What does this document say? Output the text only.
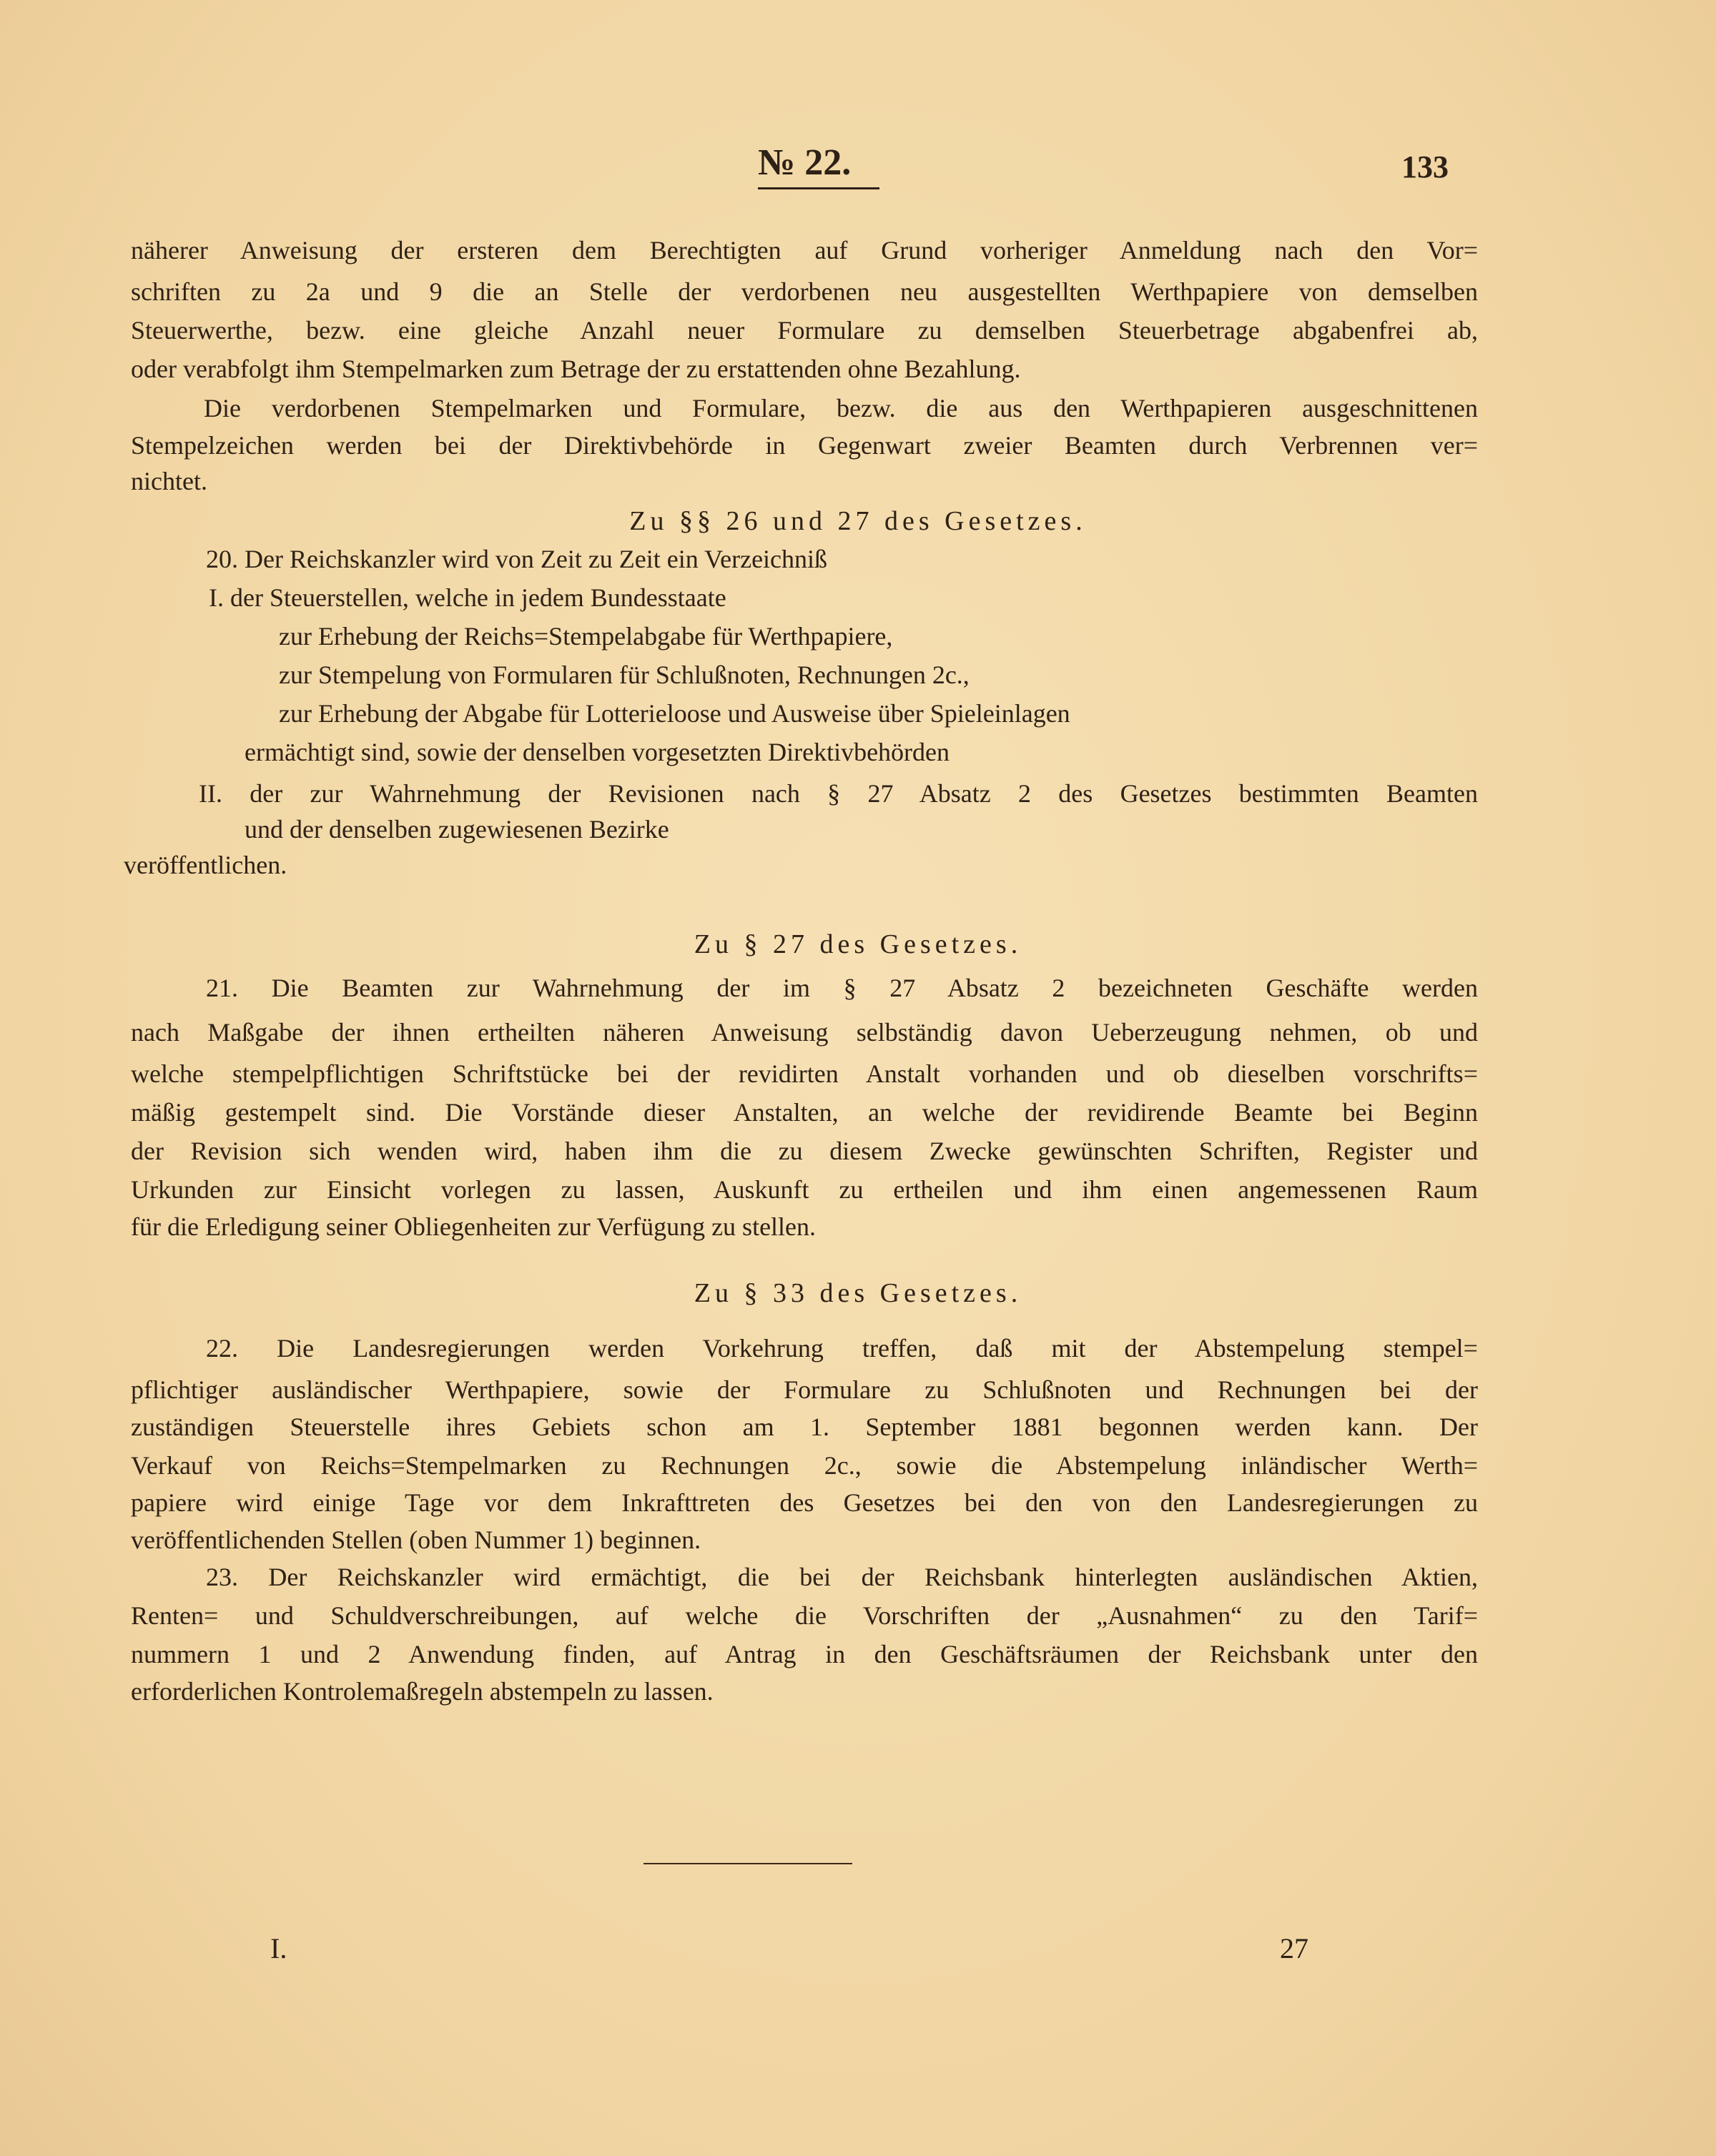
№ 22.	133
näherer Anweisung der ersteren dem Berechtigten auf Grund vorheriger Anmeldung nach den Vor=
schriften zu 2a und 9 die an Stelle der verdorbenen neu ausgestellten Werthpapiere von demselben
Steuerwerthe, bezw. eine gleiche Anzahl neuer Formulare zu demselben Steuerbetrage abgabenfrei ab,
oder verabfolgt ihm Stempelmarken zum Betrage der zu erstattenden ohne Bezahlung.
Die verdorbenen Stempelmarken und Formulare, bezw. die aus den Werthpapieren ausgeschnittenen
Stempelzeichen werden bei der Direktivbehörde in Gegenwart zweier Beamten durch Verbrennen ver=
nichtet.
Zu §§ 26 und 27 des Gesetzes.
20. Der Reichskanzler wird von Zeit zu Zeit ein Verzeichniß
I. der Steuerstellen, welche in jedem Bundesstaate
zur Erhebung der Reichs=Stempelabgabe für Werthpapiere,
zur Stempelung von Formularen für Schlußnoten, Rechnungen 2c.,
zur Erhebung der Abgabe für Lotterieloose und Ausweise über Spieleinlagen
ermächtigt sind, sowie der denselben vorgesetzten Direktivbehörden
II. der zur Wahrnehmung der Revisionen nach § 27 Absatz 2 des Gesetzes bestimmten Beamten
und der denselben zugewiesenen Bezirke
veröffentlichen.
Zu § 27 des Gesetzes.
21. Die Beamten zur Wahrnehmung der im § 27 Absatz 2 bezeichneten Geschäfte werden
nach Maßgabe der ihnen ertheilten näheren Anweisung selbständig davon Ueberzeugung nehmen, ob und
welche stempelpflichtigen Schriftstücke bei der revidirten Anstalt vorhanden und ob dieselben vorschrifts=
mäßig gestempelt sind. Die Vorstände dieser Anstalten, an welche der revidirende Beamte bei Beginn
der Revision sich wenden wird, haben ihm die zu diesem Zwecke gewünschten Schriften, Register und
Urkunden zur Einsicht vorlegen zu lassen, Auskunft zu ertheilen und ihm einen angemessenen Raum
für die Erledigung seiner Obliegenheiten zur Verfügung zu stellen.
Zu § 33 des Gesetzes.
22. Die Landesregierungen werden Vorkehrung treffen, daß mit der Abstempelung stempel=
pflichtiger ausländischer Werthpapiere, sowie der Formulare zu Schlußnoten und Rechnungen bei der
zuständigen Steuerstelle ihres Gebiets schon am 1. September 1881 begonnen werden kann. Der
Verkauf von Reichs=Stempelmarken zu Rechnungen 2c., sowie die Abstempelung inländischer Werth=
papiere wird einige Tage vor dem Inkrafttreten des Gesetzes bei den von den Landesregierungen zu
veröffentlichenden Stellen (oben Nummer 1) beginnen.
23. Der Reichskanzler wird ermächtigt, die bei der Reichsbank hinterlegten ausländischen Aktien,
Renten= und Schuldverschreibungen, auf welche die Vorschriften der „Ausnahmen“ zu den Tarif=
nummern 1 und 2 Anwendung finden, auf Antrag in den Geschäftsräumen der Reichsbank unter den
erforderlichen Kontrolemaßregeln abstempeln zu lassen.
I.	27
